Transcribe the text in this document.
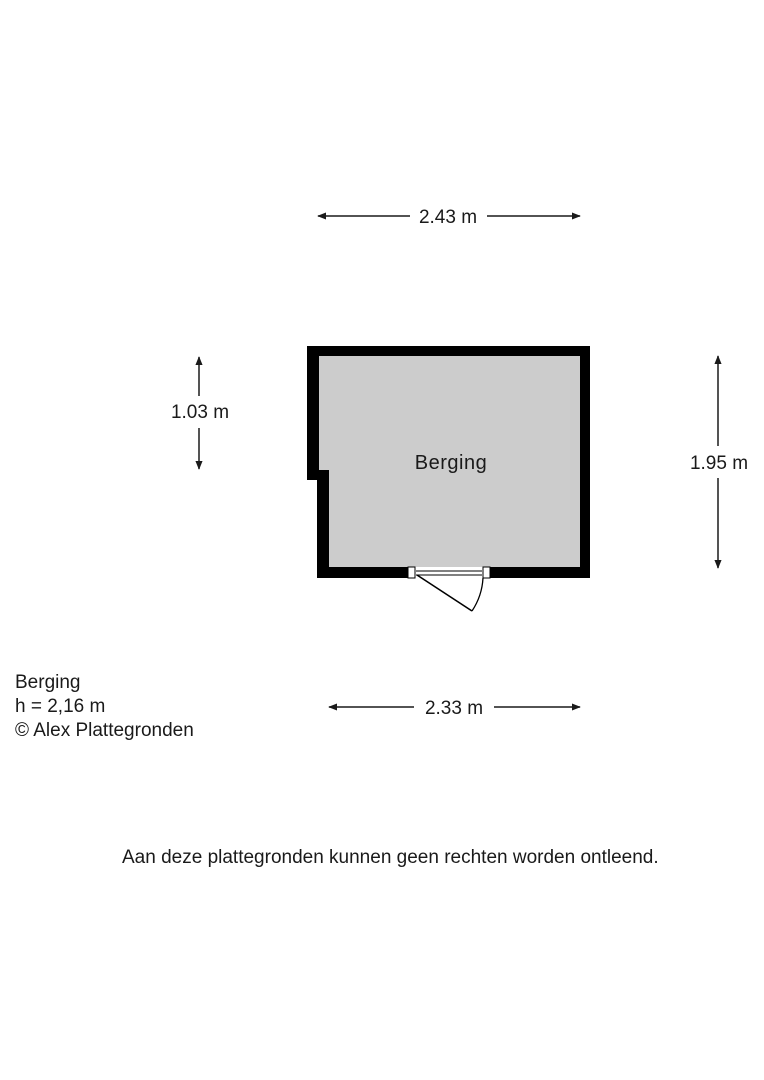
Berging
2.43 m
2.33 m
1.03 m
1.95 m
Berging
h = 2,16 m
© Alex Plattegronden
Aan deze plattegronden kunnen geen rechten worden ontleend.
